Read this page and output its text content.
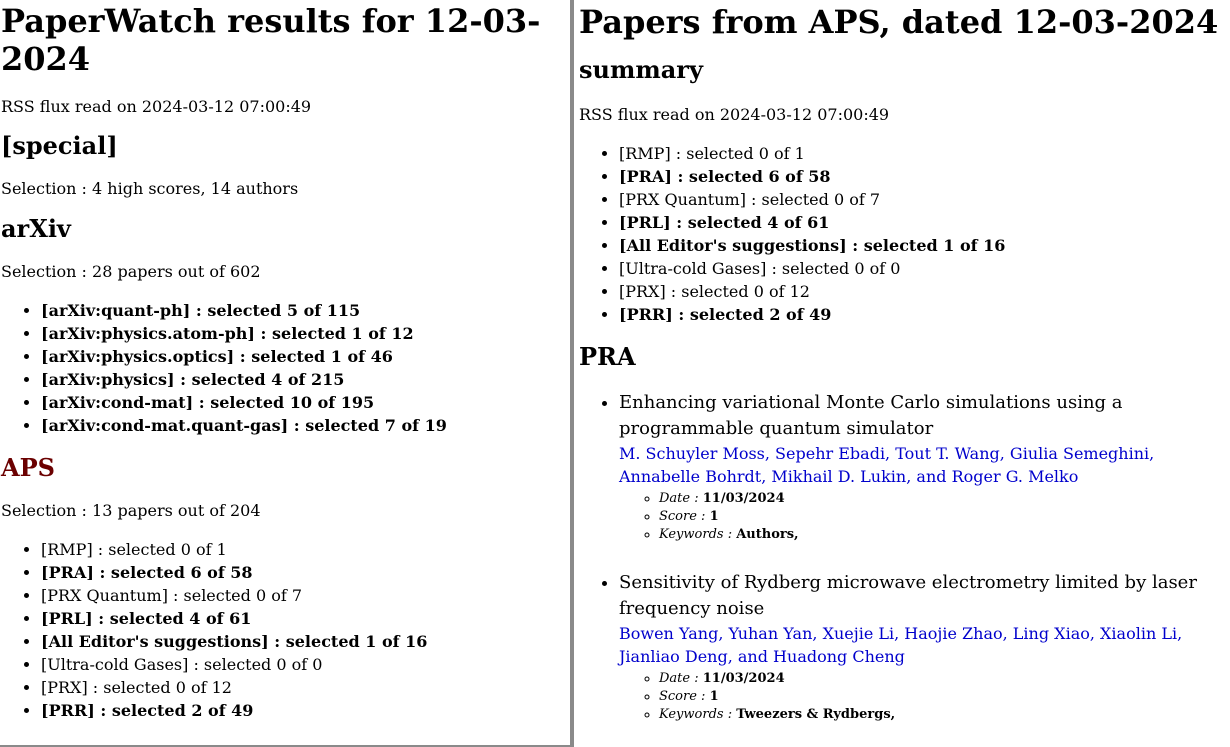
PaperWatch results for 12-03-2024

RSS flux read on 2024-03-12 07:00:49

[special]

Selection : 4 high scores, 14 authors

arXiv

Selection : 28 papers out of 602

• [arXiv:quant-ph] : selected 5 of 115
• [arXiv:physics.atom-ph] : selected 1 of 12
• [arXiv:physics.optics] : selected 1 of 46
• [arXiv:physics] : selected 4 of 215
• [arXiv:cond-mat] : selected 10 of 195
• [arXiv:cond-mat.quant-gas] : selected 7 of 19
APS

Selection : 13 papers out of 204

• [RMP] : selected 0 of 1
• [PRA] : selected 6 of 58
• [PRX Quantum] : selected 0 of 7
• [PRL] : selected 4 of 61
• [All Editor's suggestions] : selected 1 of 16
• [Ultra-cold Gases] : selected 0 of 0
• [PRX] : selected 0 of 12
• [PRR] : selected 2 of 49
Papers from APS, dated 12-03-2024
summary

RSS flux read on 2024-03-12 07:00:49

• [RMP] : selected 0 of 1
• [PRA] : selected 6 of 58
• [PRX Quantum] : selected 0 of 7
• [PRL] : selected 4 of 61
• [All Editor's suggestions] : selected 1 of 16
• [Ultra-cold Gases] : selected 0 of 0
• [PRX] : selected 0 of 12
• [PRR] : selected 2 of 49
PRA
• Enhancing variational Monte Carlo simulations using a programmable quantum simulator
M. Schuyler Moss, Sepehr Ebadi, Tout T. Wang, Giulia Semeghini, Annabelle Bohrdt, Mikhail D. Lukin, and Roger G. Melko
◦ Date : 11/03/2024
◦ Score : 1
◦ Keywords : Authors,
• Sensitivity of Rydberg microwave electrometry limited by laser frequency noise
Bowen Yang, Yuhan Yan, Xuejie Li, Haojie Zhao, Ling Xiao, Xiaolin Li, Jianliao Deng, and Huadong Cheng
◦ Date : 11/03/2024
◦ Score : 1
◦ Keywords : Tweezers & Rydbergs,
